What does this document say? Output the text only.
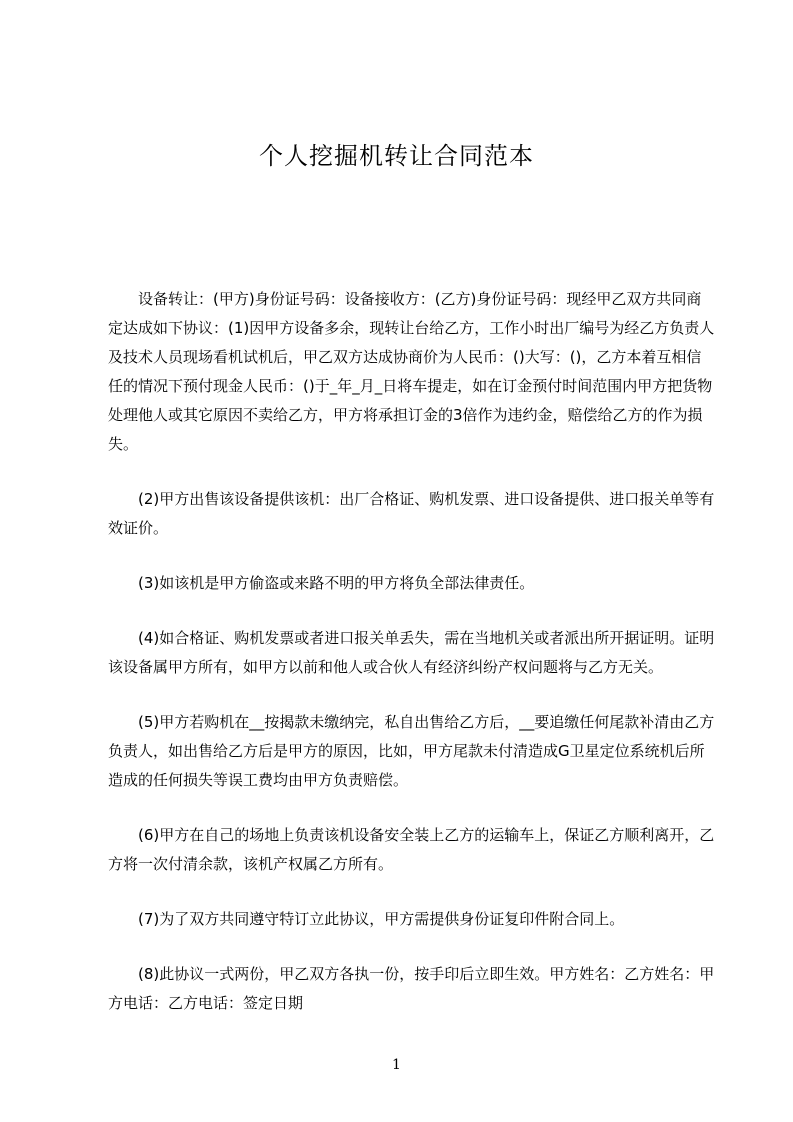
个人挖掘机转让合同范本

　　设备转让：(甲方)身份证号码：设备接收方：(乙方)身份证号码：现经甲乙双方共同商定达成如下协议：(1)因甲方设备多余，现转让台给乙方，工作小时出厂编号为经乙方负责人及技术人员现场看机试机后，甲乙双方达成协商价为人民币：()大写：()，乙方本着互相信任的情况下预付现金人民币：()于_年_月_日将车提走，如在订金预付时间范围内甲方把货物处理他人或其它原因不卖给乙方，甲方将承担订金的3倍作为违约金，赔偿给乙方的作为损失。

　　(2)甲方出售该设备提供该机：出厂合格证、购机发票、进口设备提供、进口报关单等有效证价。

　　(3)如该机是甲方偷盗或来路不明的甲方将负全部法律责任。

　　(4)如合格证、购机发票或者进口报关单丢失，需在当地机关或者派出所开据证明。证明该设备属甲方所有，如甲方以前和他人或合伙人有经济纠纷产权问题将与乙方无关。

　　(5)甲方若购机在__按揭款未缴纳完，私自出售给乙方后，__要追缴任何尾款补清由乙方负责人，如出售给乙方后是甲方的原因，比如，甲方尾款未付清造成G卫星定位系统机后所造成的任何损失等误工费均由甲方负责赔偿。

　　(6)甲方在自己的场地上负责该机设备安全装上乙方的运输车上，保证乙方顺利离开，乙方将一次付清余款，该机产权属乙方所有。

　　(7)为了双方共同遵守特订立此协议，甲方需提供身份证复印件附合同上。

　　(8)此协议一式两份，甲乙双方各执一份，按手印后立即生效。甲方姓名：乙方姓名：甲方电话：乙方电话：签定日期

1
